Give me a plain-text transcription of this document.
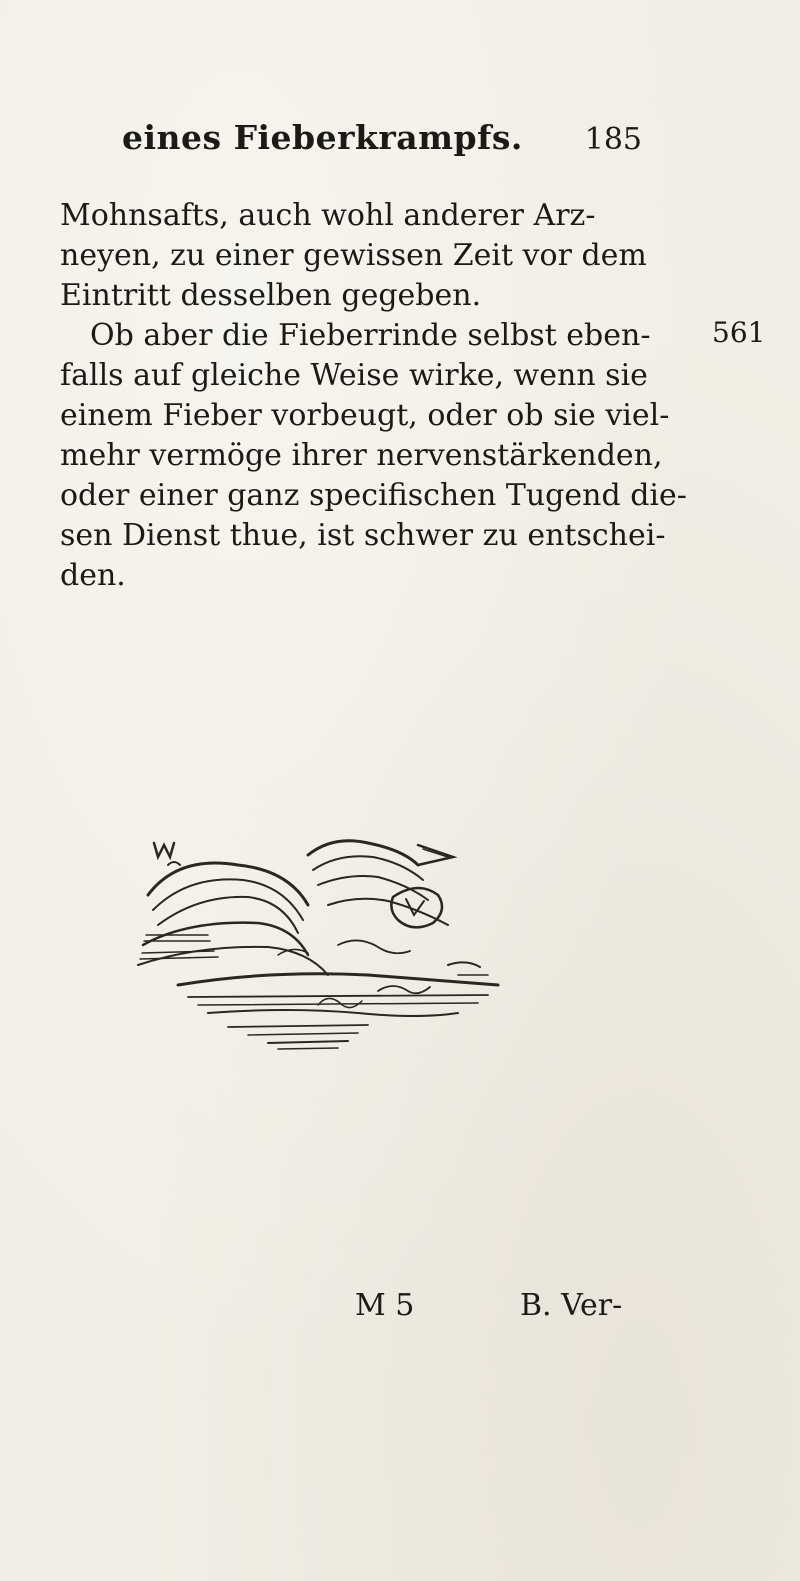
eines Fieberkrampfs. 185
Mohnsafts, auch wohl anderer Arz-
neyen, zu einer gewissen Zeit vor dem
Eintritt desselben gegeben.
Ob aber die Fieberrinde selbst eben-
falls auf gleiche Weise wirke, wenn sie
einem Fieber vorbeugt, oder ob sie viel-
mehr vermöge ihrer nervenstärkenden,
oder einer ganz specifischen Tugend die-
sen Dienst thue, ist schwer zu entschei-
den.
561
M 5	B. Ver-
